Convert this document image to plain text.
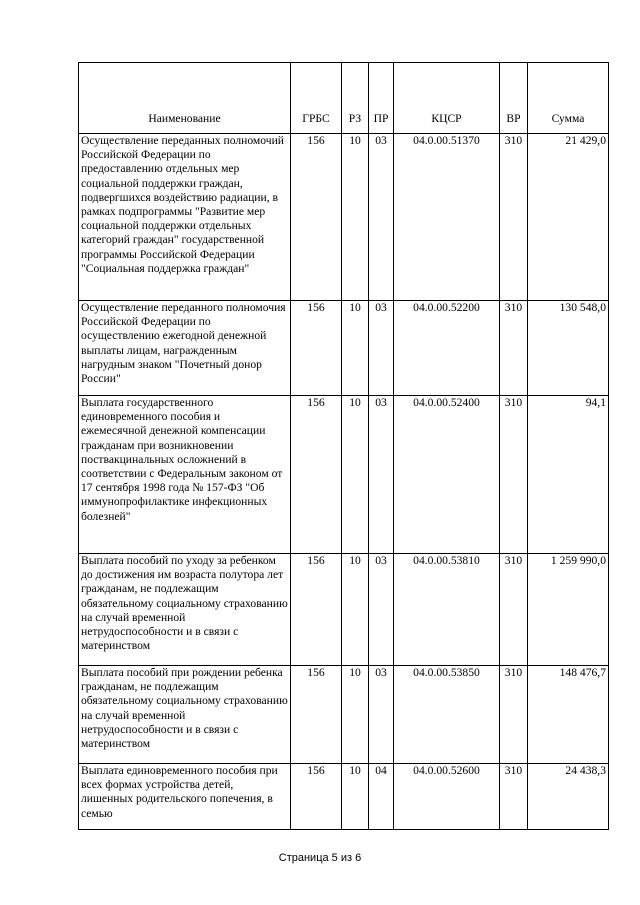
Наименование	ГРБС	РЗ	ПР	КЦСР	ВР	Сумма
Осуществление переданных полномочий Российской Федерации по предоставлению отдельных мер социальной поддержки граждан, подвергшихся воздействию радиации, в рамках подпрограммы "Развитие мер социальной поддержки отдельных категорий граждан" государственной программы Российской Федерации "Социальная поддержка граждан"	156	10	03	04.0.00.51370	310	21 429,0
Осуществление переданного полномочия Российской Федерации по осуществлению ежегодной денежной выплаты лицам, награжденным нагрудным знаком "Почетный донор России"	156	10	03	04.0.00.52200	310	130 548,0
Выплата государственного единовременного пособия и ежемесячной денежной компенсации гражданам при возникновении поствакцинальных осложнений в соответствии с Федеральным законом от 17 сентября 1998 года № 157-ФЗ "Об иммунопрофилактике инфекционных болезней"	156	10	03	04.0.00.52400	310	94,1
Выплата пособий по уходу за ребенком до достижения им возраста полутора лет гражданам, не подлежащим обязательному социальному страхованию на случай временной нетрудоспособности и в связи с материнством	156	10	03	04.0.00.53810	310	1 259 990,0
Выплата пособий при рождении ребенка гражданам, не подлежащим обязательному социальному страхованию на случай временной нетрудоспособности и в связи с материнством	156	10	03	04.0.00.53850	310	148 476,7
Выплата единовременного пособия при всех формах устройства детей, лишенных родительского попечения, в семью	156	10	04	04.0.00.52600	310	24 438,3
Страница 5 из 6
